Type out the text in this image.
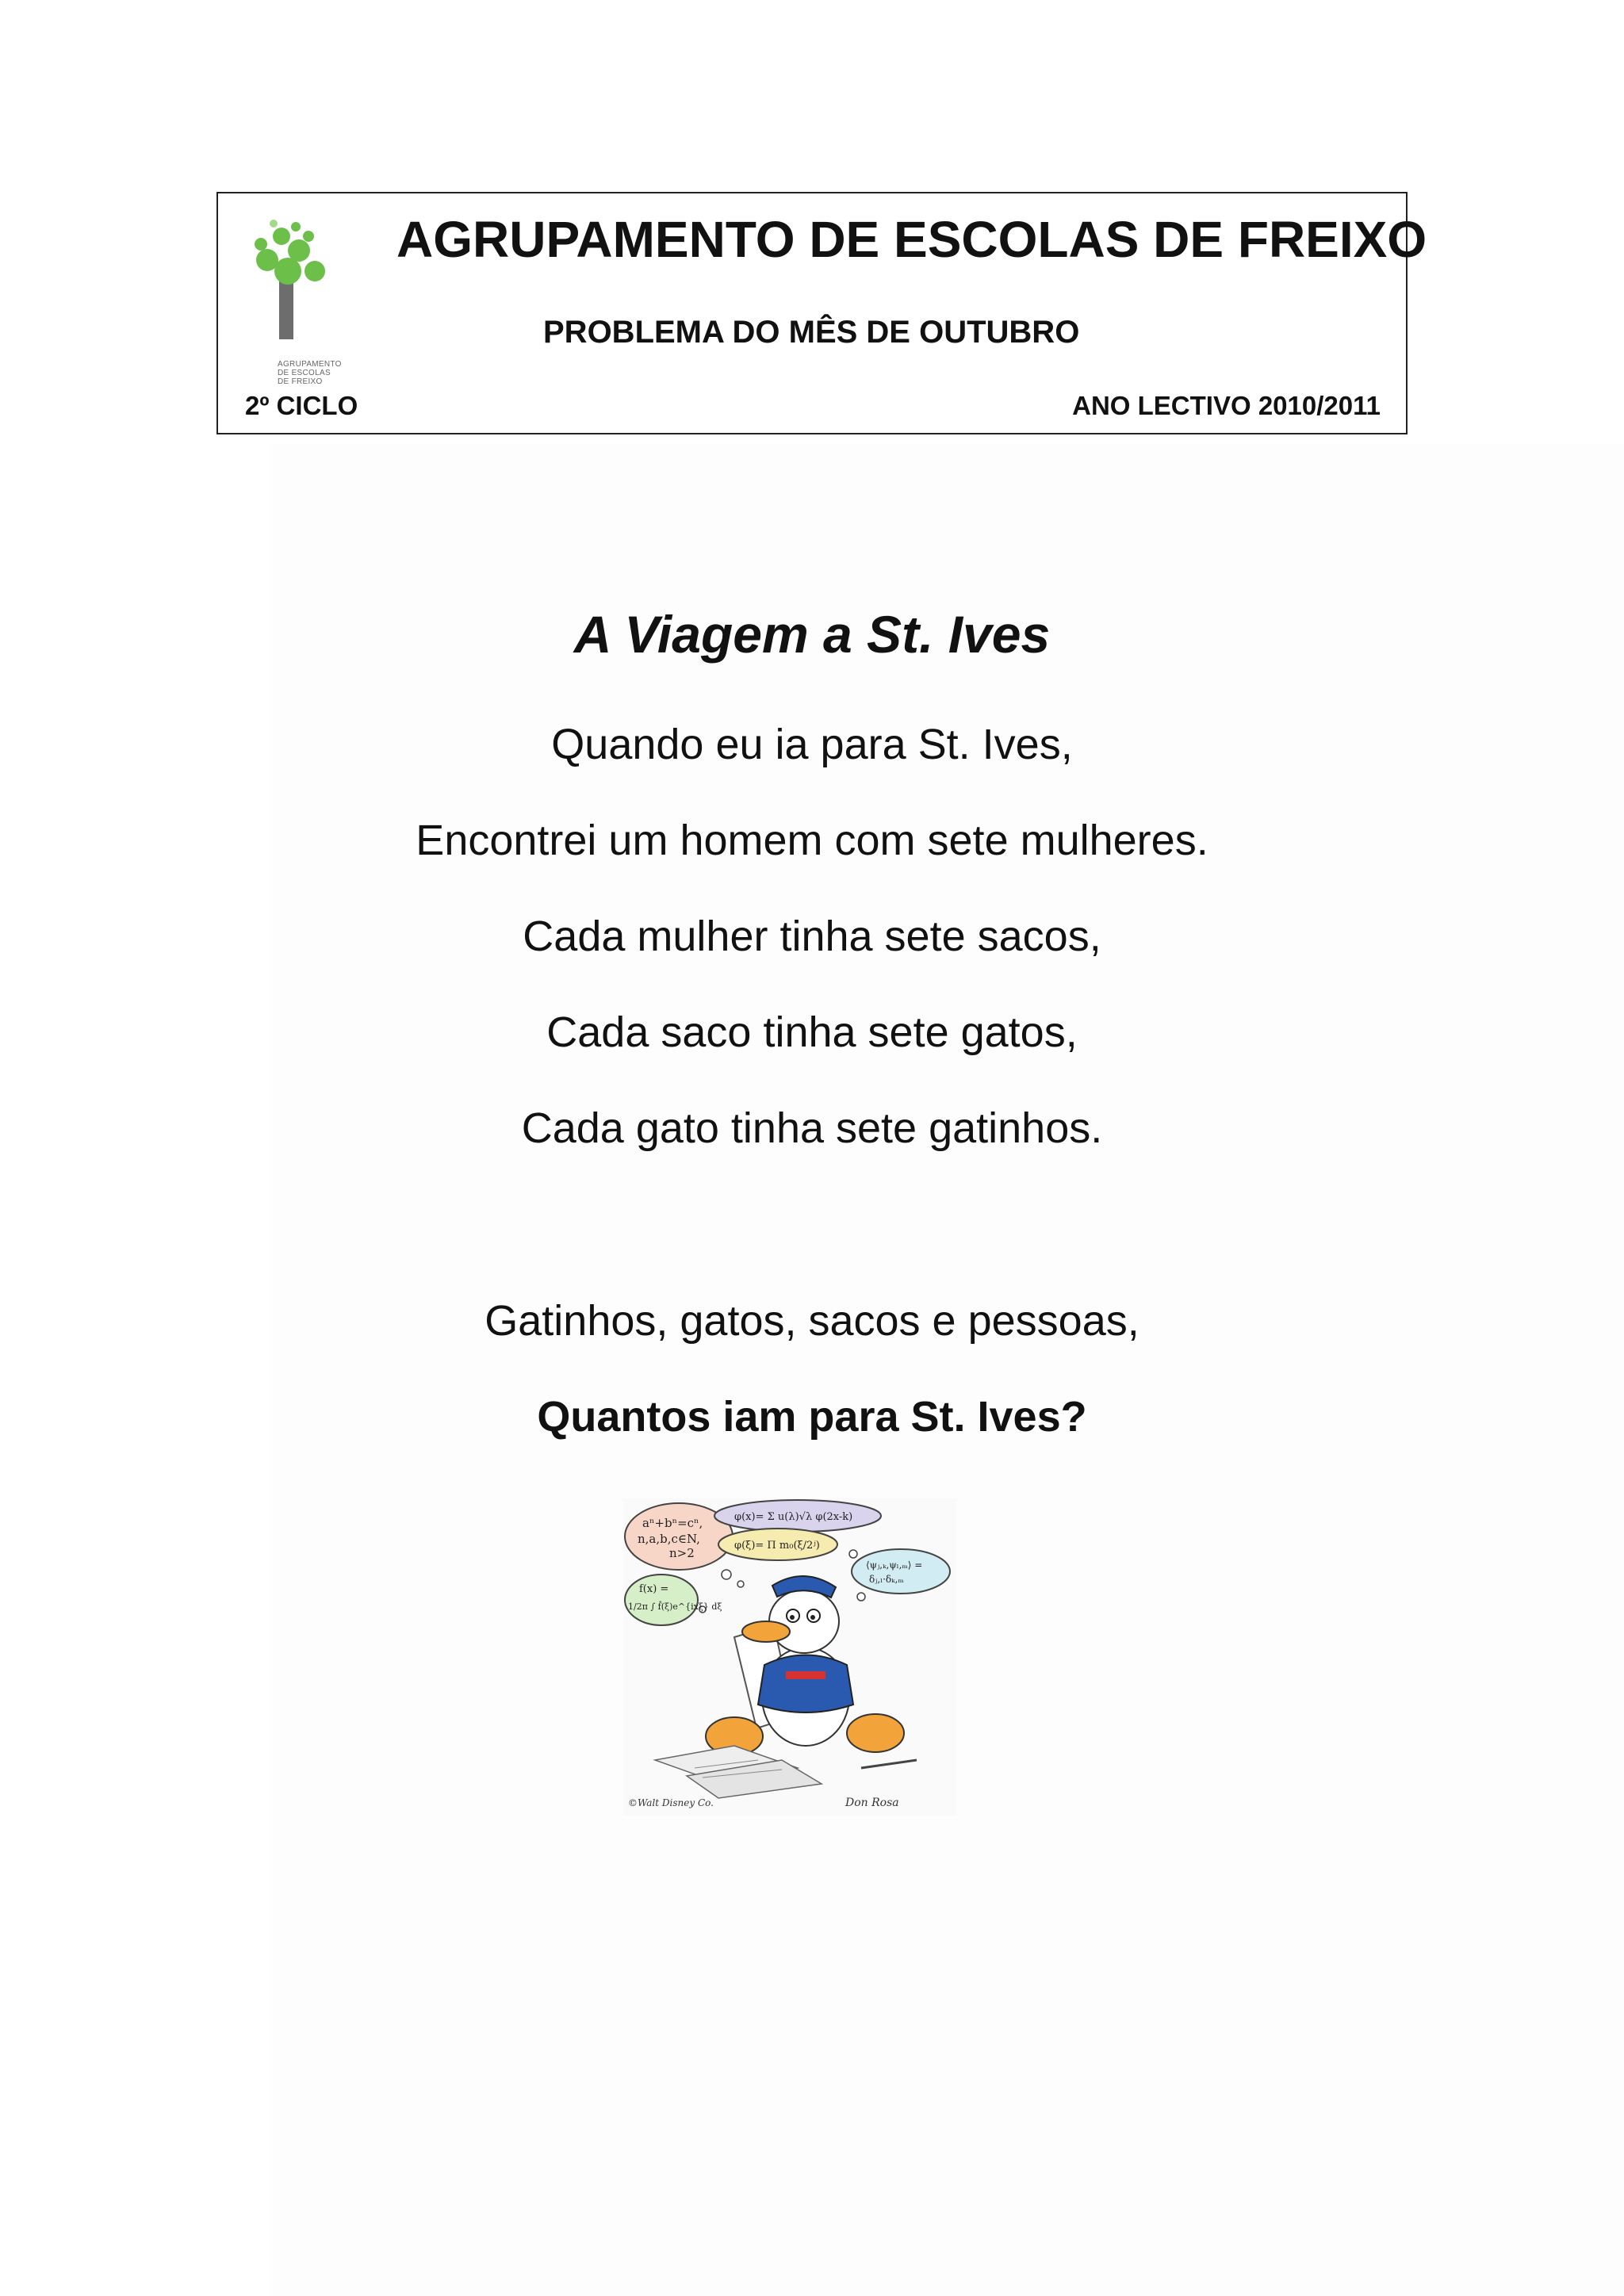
AGRUPAMENTO
DE ESCOLAS
DE FREIXO
AGRUPAMENTO DE ESCOLAS DE FREIXO
PROBLEMA DO MÊS DE OUTUBRO
2º CICLO	ANO LECTIVO 2010/2011
A Viagem a St. Ives
Quando eu ia para St. Ives,
Encontrei um homem com sete mulheres.
Cada mulher tinha sete sacos,
Cada saco tinha sete gatos,
Cada gato tinha sete gatinhos.
Gatinhos, gatos, sacos e pessoas,
Quantos iam para St. Ives?
aⁿ+bⁿ=cⁿ,
n,a,b,c∈N,
n>2
φ(x)= Σ u(λ)√λ φ(2x-k)
φ(ξ)= Π m₀(ξ/2ʲ)
⟨ψⱼ,ₖ,ψₗ,ₘ⟩ =
δⱼ,ₗ·δₖ,ₘ
f(x) =
1/2π ∫ f̂(ξ)e^{ixξ} dξ
©Walt Disney Co.	Don Rosa
